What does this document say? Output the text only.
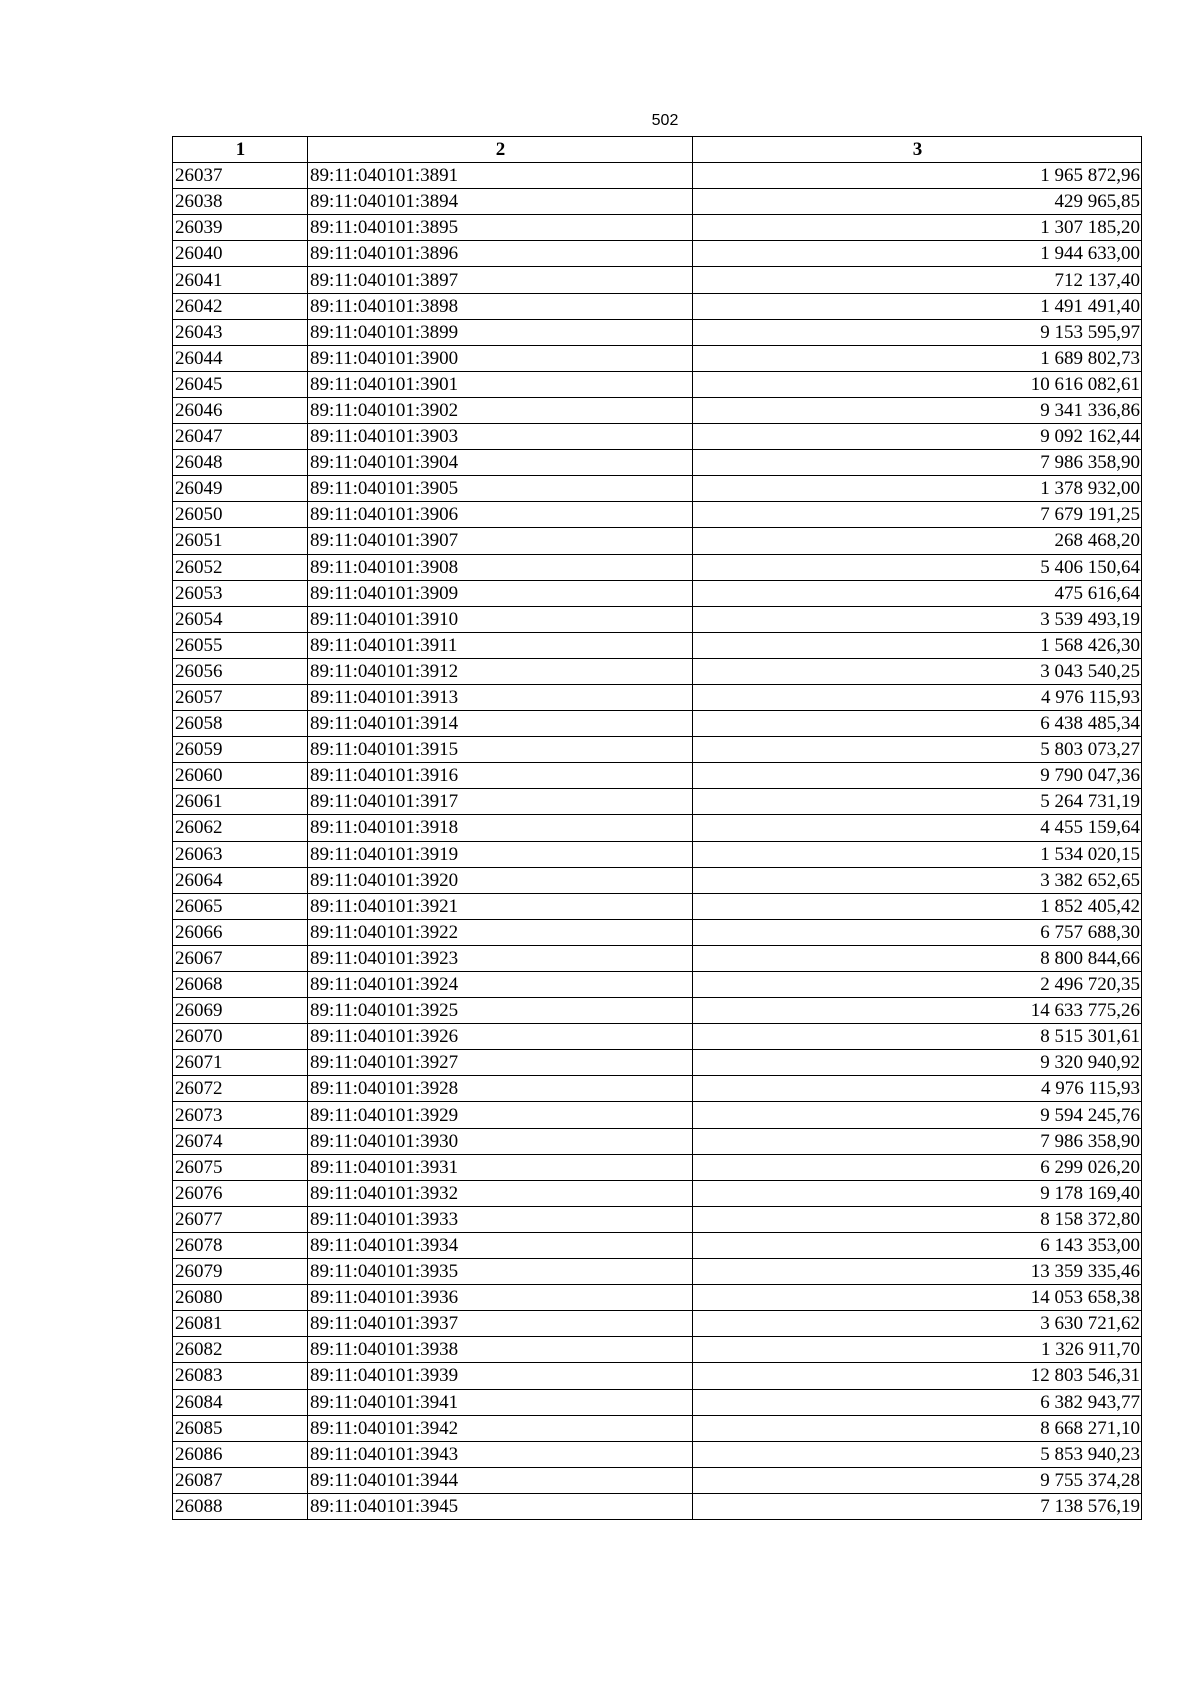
502
1	2	3
26037	89:11:040101:3891	1 965 872,96
26038	89:11:040101:3894	429 965,85
26039	89:11:040101:3895	1 307 185,20
26040	89:11:040101:3896	1 944 633,00
26041	89:11:040101:3897	712 137,40
26042	89:11:040101:3898	1 491 491,40
26043	89:11:040101:3899	9 153 595,97
26044	89:11:040101:3900	1 689 802,73
26045	89:11:040101:3901	10 616 082,61
26046	89:11:040101:3902	9 341 336,86
26047	89:11:040101:3903	9 092 162,44
26048	89:11:040101:3904	7 986 358,90
26049	89:11:040101:3905	1 378 932,00
26050	89:11:040101:3906	7 679 191,25
26051	89:11:040101:3907	268 468,20
26052	89:11:040101:3908	5 406 150,64
26053	89:11:040101:3909	475 616,64
26054	89:11:040101:3910	3 539 493,19
26055	89:11:040101:3911	1 568 426,30
26056	89:11:040101:3912	3 043 540,25
26057	89:11:040101:3913	4 976 115,93
26058	89:11:040101:3914	6 438 485,34
26059	89:11:040101:3915	5 803 073,27
26060	89:11:040101:3916	9 790 047,36
26061	89:11:040101:3917	5 264 731,19
26062	89:11:040101:3918	4 455 159,64
26063	89:11:040101:3919	1 534 020,15
26064	89:11:040101:3920	3 382 652,65
26065	89:11:040101:3921	1 852 405,42
26066	89:11:040101:3922	6 757 688,30
26067	89:11:040101:3923	8 800 844,66
26068	89:11:040101:3924	2 496 720,35
26069	89:11:040101:3925	14 633 775,26
26070	89:11:040101:3926	8 515 301,61
26071	89:11:040101:3927	9 320 940,92
26072	89:11:040101:3928	4 976 115,93
26073	89:11:040101:3929	9 594 245,76
26074	89:11:040101:3930	7 986 358,90
26075	89:11:040101:3931	6 299 026,20
26076	89:11:040101:3932	9 178 169,40
26077	89:11:040101:3933	8 158 372,80
26078	89:11:040101:3934	6 143 353,00
26079	89:11:040101:3935	13 359 335,46
26080	89:11:040101:3936	14 053 658,38
26081	89:11:040101:3937	3 630 721,62
26082	89:11:040101:3938	1 326 911,70
26083	89:11:040101:3939	12 803 546,31
26084	89:11:040101:3941	6 382 943,77
26085	89:11:040101:3942	8 668 271,10
26086	89:11:040101:3943	5 853 940,23
26087	89:11:040101:3944	9 755 374,28
26088	89:11:040101:3945	7 138 576,19
